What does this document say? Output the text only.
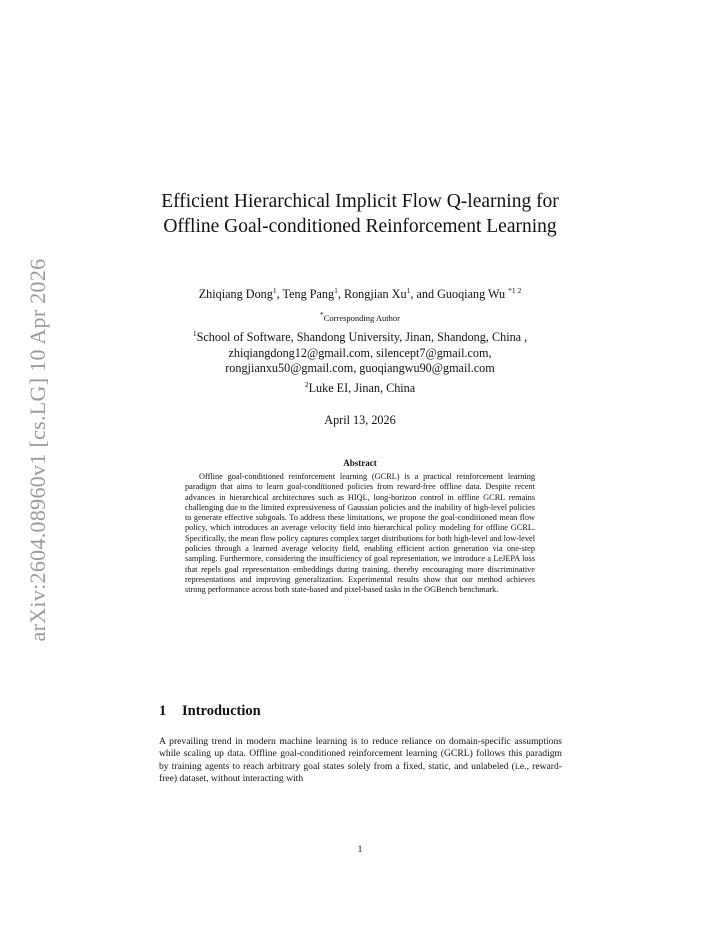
arXiv:2604.08960v1 [cs.LG] 10 Apr 2026
Efficient Hierarchical Implicit Flow Q-learning for Offline Goal-conditioned Reinforcement Learning
Zhiqiang Dong$^1$, Teng Pang$^1$, Rongjian Xu$^1$, and Guoqiang Wu $^{*1 2}$
*Corresponding Author
$^1$School of Software, Shandong University, Jinan, Shandong, China ,
zhiqiangdong12@gmail.com, silencept7@gmail.com,
rongjianxu50@gmail.com, guoqiangwu90@gmail.com
$^2$Luke EI, Jinan, China
April 13, 2026
Abstract
Offline goal-conditioned reinforcement learning (GCRL) is a practical reinforcement learning paradigm that aims to learn goal-conditioned policies from reward-free offline data. Despite recent advances in hierarchical architectures such as HIQL, long-horizon control in offline GCRL remains challenging due to the limited expressiveness of Gaussian policies and the inability of high-level policies to generate effective subgoals. To address these limitations, we propose the goal-conditioned mean flow policy, which introduces an average velocity field into hierarchical policy modeling for offline GCRL. Specifically, the mean flow policy captures complex target distributions for both high-level and low-level policies through a learned average velocity field, enabling efficient action generation via one-step sampling. Furthermore, considering the insufficiency of goal representation, we introduce a LeJEPA loss that repels goal representation embeddings during training, thereby encouraging more discriminative representations and improving generalization. Experimental results show that our method achieves strong performance across both state-based and pixel-based tasks in the OGBench benchmark.
1 Introduction
A prevailing trend in modern machine learning is to reduce reliance on domain-specific assumptions while scaling up data. Offline goal-conditioned reinforcement learning (GCRL) follows this paradigm by training agents to reach arbitrary goal states solely from a fixed, static, and unlabeled (i.e., reward-free) dataset, without interacting with
1
